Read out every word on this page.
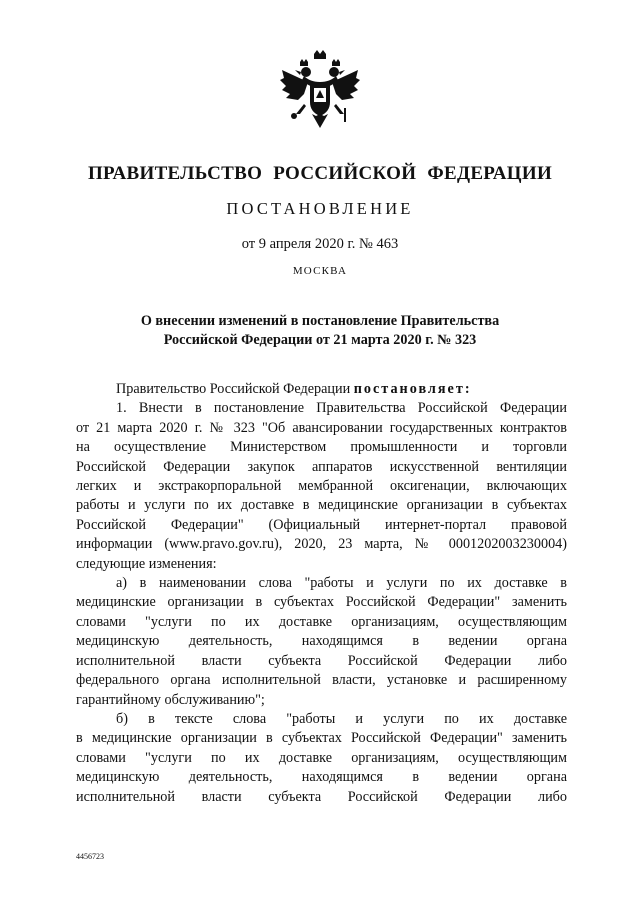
ПРАВИТЕЛЬСТВО РОССИЙСКОЙ ФЕДЕРАЦИИ
ПОСТАНОВЛЕНИЕ
от 9 апреля 2020 г. № 463
МОСКВА
О внесении изменений в постановление Правительства
Российской Федерации от 21 марта 2020 г. № 323

Правительство Российской Федерации постановляет:

1. Внести в постановление Правительства Российской Федерации

от 21 марта 2020 г. № 323 "Об авансировании государственных контрактов

на осуществление Министерством промышленности и торговли

Российской Федерации закупок аппаратов искусственной вентиляции

легких и экстракорпоральной мембранной оксигенации, включающих

работы и услуги по их доставке в медицинские организации в субъектах

Российской Федерации" (Официальный интернет-портал правовой

информации (www.pravo.gov.ru), 2020, 23 марта, № 0001202003230004)

следующие изменения:

а) в наименовании слова "работы и услуги по их доставке в

медицинские организации в субъектах Российской Федерации" заменить

словами "услуги по их доставке организациям, осуществляющим

медицинскую деятельность, находящимся в ведении органа

исполнительной власти субъекта Российской Федерации либо

федерального органа исполнительной власти, установке и расширенному

гарантийному обслуживанию";

б) в тексте слова "работы и услуги по их доставке

в медицинские организации в субъектах Российской Федерации" заменить

словами "услуги по их доставке организациям, осуществляющим

медицинскую деятельность, находящимся в ведении органа

исполнительной власти субъекта Российской Федерации либо

4456723
